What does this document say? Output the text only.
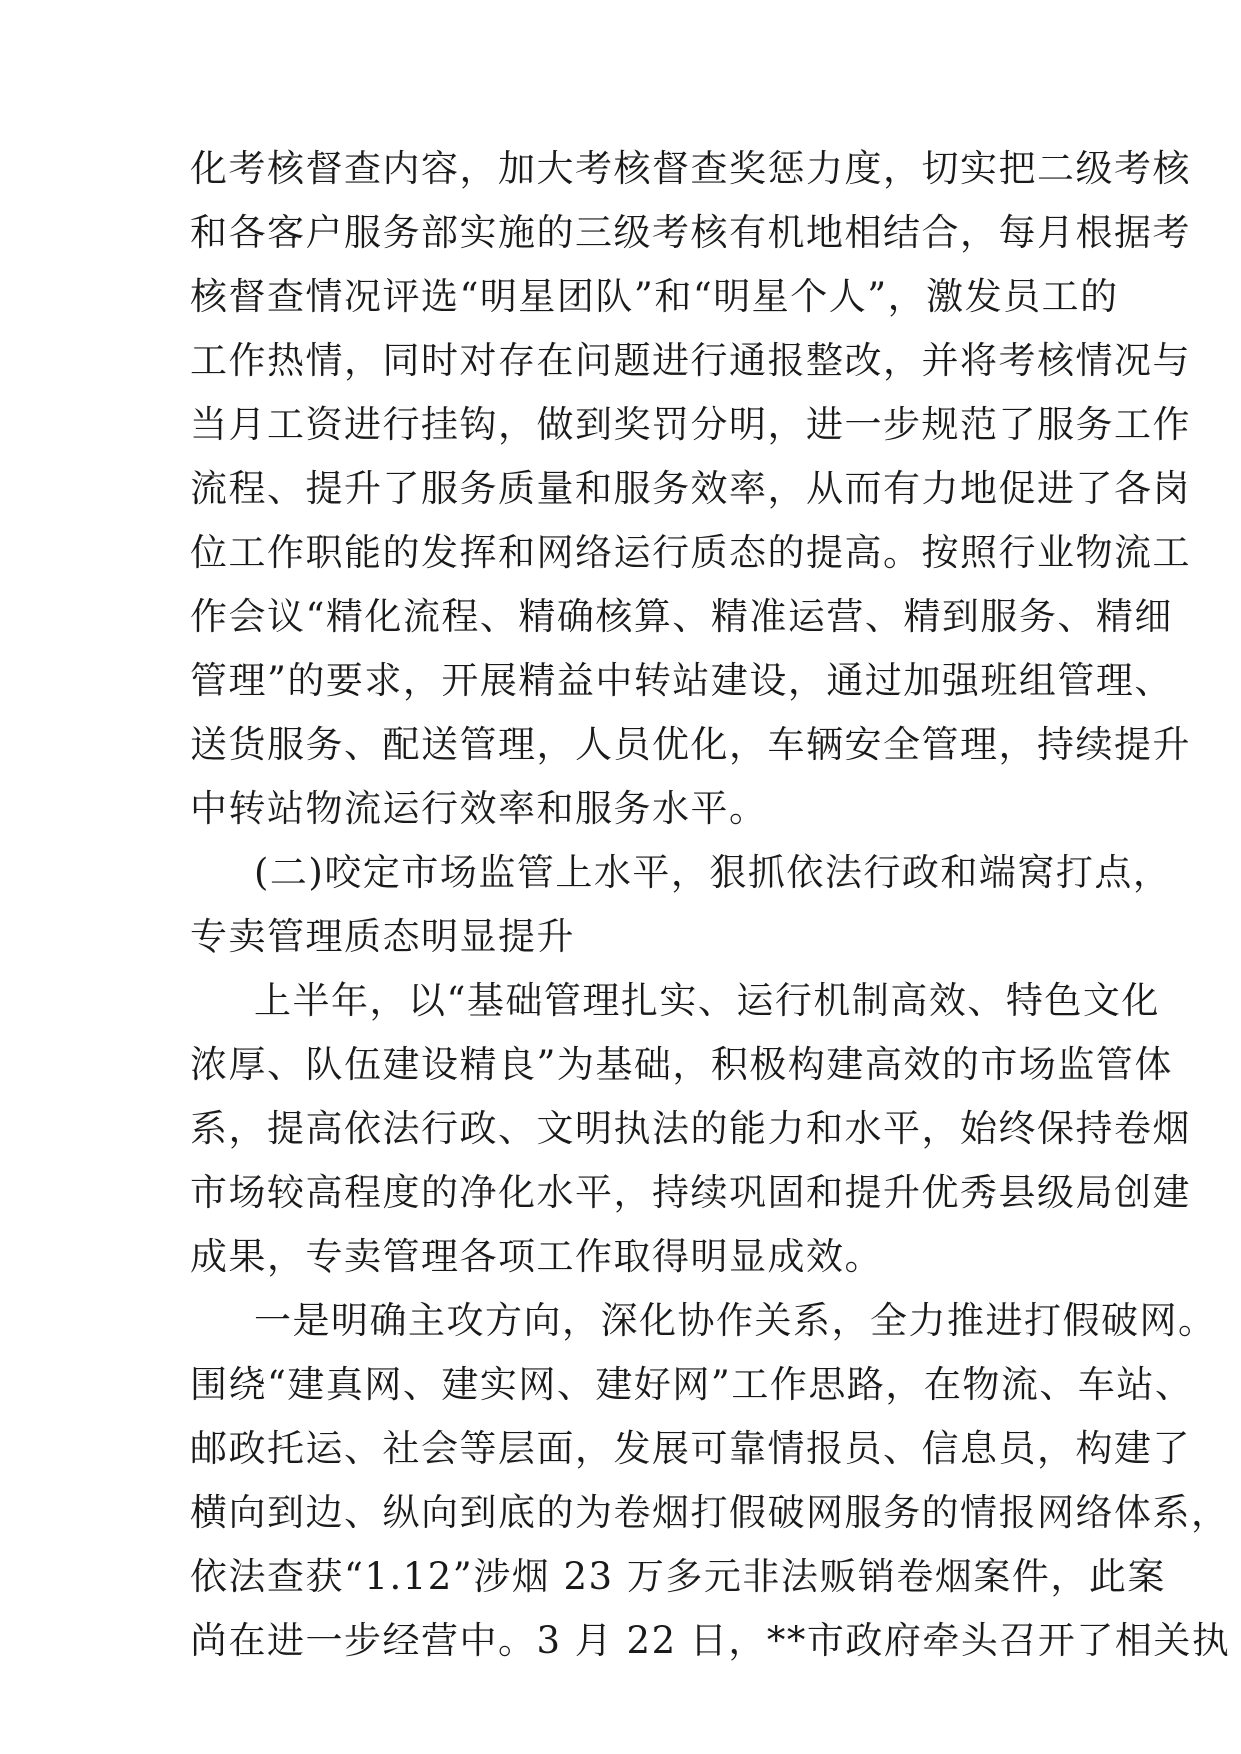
化考核督查内容，加大考核督查奖惩力度，切实把二级考核
和各客户服务部实施的三级考核有机地相结合，每月根据考
核督查情况评选“明星团队”和“明星个人”，激发员工的
工作热情，同时对存在问题进行通报整改，并将考核情况与
当月工资进行挂钩，做到奖罚分明，进一步规范了服务工作
流程、提升了服务质量和服务效率，从而有力地促进了各岗
位工作职能的发挥和网络运行质态的提高。按照行业物流工
作会议“精化流程、精确核算、精准运营、精到服务、精细
管理”的要求，开展精益中转站建设，通过加强班组管理、
送货服务、配送管理，人员优化，车辆安全管理，持续提升
中转站物流运行效率和服务水平。
(二)咬定市场监管上水平，狠抓依法行政和端窝打点，
专卖管理质态明显提升
上半年，以“基础管理扎实、运行机制高效、特色文化
浓厚、队伍建设精良”为基础，积极构建高效的市场监管体
系，提高依法行政、文明执法的能力和水平，始终保持卷烟
市场较高程度的净化水平，持续巩固和提升优秀县级局创建
成果，专卖管理各项工作取得明显成效。
一是明确主攻方向，深化协作关系，全力推进打假破网。
围绕“建真网、建实网、建好网”工作思路，在物流、车站、
邮政托运、社会等层面，发展可靠情报员、信息员，构建了
横向到边、纵向到底的为卷烟打假破网服务的情报网络体系，
依法查获“1.12”涉烟 23 万多元非法贩销卷烟案件，此案
尚在进一步经营中。3 月 22 日，**市政府牵头召开了相关执
